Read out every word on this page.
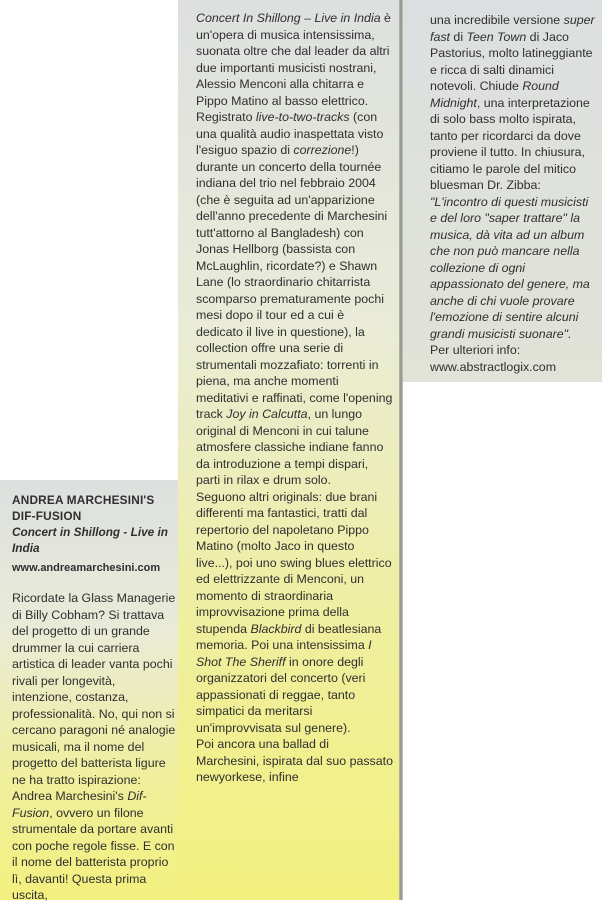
ANDREA MARCHESINI'S DIF-FUSION

Concert in Shillong - Live in India

www.andreamarchesini.com

Ricordate la Glass Managerie di Billy Cobham? Si trattava del progetto di un grande drummer la cui carriera artistica di leader vanta pochi rivali per longevità, intenzione, costanza, professionalità. No, qui non si cercano paragoni né analogie musicali, ma il nome del progetto del batterista ligure ne ha tratto ispirazione: Andrea Marchesini's Dif-Fusion, ovvero un filone strumentale da portare avanti con poche regole fisse. E con il nome del batterista proprio lì, davanti! Questa prima uscita,

Concert In Shillong – Live in India è un'opera di musica intensissima, suonata oltre che dal leader da altri due importanti musicisti nostrani, Alessio Menconi alla chitarra e Pippo Matino al basso elettrico.

Registrato live-to-two-tracks (con una qualità audio inaspettata visto l'esiguo spazio di correzione!) durante un concerto della tournée indiana del trio nel febbraio 2004 (che è seguita ad un'apparizione dell'anno precedente di Marchesini tutt'attorno al Bangladesh) con Jonas Hellborg (bassista con McLaughlin, ricordate?) e Shawn Lane (lo straordinario chitarrista scomparso prematuramente pochi mesi dopo il tour ed a cui è dedicato il live in questione), la collection offre una serie di strumentali mozzafiato: torrenti in piena, ma anche momenti meditativi e raffinati, come l'opening track Joy in Calcutta, un lungo original di Menconi in cui talune atmosfere classiche indiane fanno da introduzione a tempi dispari, parti in rilax e drum solo.

Seguono altri originals: due brani differenti ma fantastici, tratti dal repertorio del napoletano Pippo Matino (molto Jaco in questo live...), poi uno swing blues elettrico ed elettrizzante di Menconi, un momento di straordinaria improvvisazione prima della stupenda Blackbird di beatlesiana memoria. Poi una intensissima I Shot The Sheriff in onore degli organizzatori del concerto (veri appassionati di reggae, tanto simpatici da meritarsi un'improvvisata sul genere).

Poi ancora una ballad di Marchesini, ispirata dal suo passato newyorkese, infine

una incredibile versione super fast di Teen Town di Jaco Pastorius, molto latineggiante e ricca di salti dinamici notevoli. Chiude Round Midnight, una interpretazione di solo bass molto ispirata, tanto per ricordarci da dove proviene il tutto. In chiusura, citiamo le parole del mitico bluesman Dr. Zibba: "L'incontro di questi musicisti e del loro "saper trattare" la musica, dà vita ad un album che non può mancare nella collezione di ogni appassionato del genere, ma anche di chi vuole provare l'emozione di sentire alcuni grandi musicisti suonare".

Per ulteriori info:

www.abstractlogix.com
